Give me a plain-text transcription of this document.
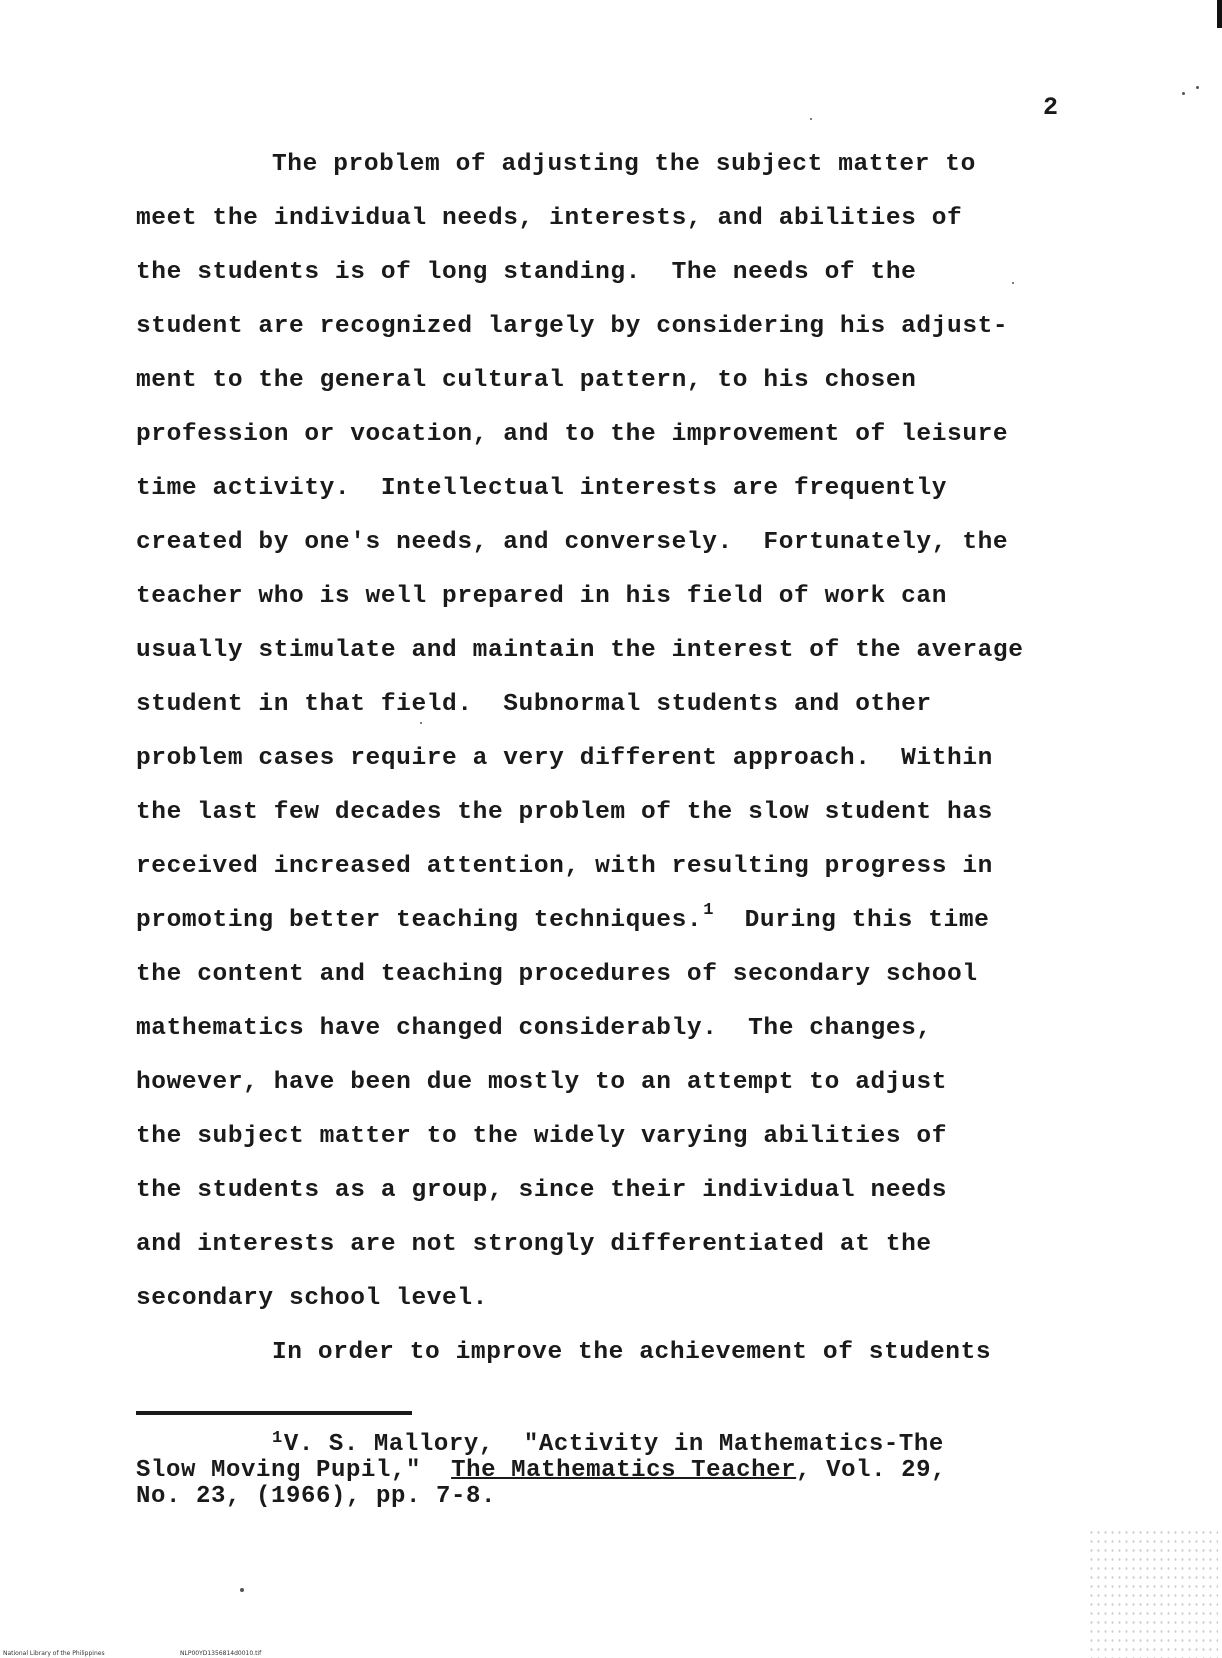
2
The problem of adjusting the subject matter to
meet the individual needs, interests, and abilities of
the students is of long standing.  The needs of the
student are recognized largely by considering his adjust-
ment to the general cultural pattern, to his chosen
profession or vocation, and to the improvement of leisure
time activity.  Intellectual interests are frequently
created by one's needs, and conversely.  Fortunately, the
teacher who is well prepared in his field of work can
usually stimulate and maintain the interest of the average
student in that field.  Subnormal students and other
problem cases require a very different approach.  Within
the last few decades the problem of the slow student has
received increased attention, with resulting progress in
promoting better teaching techniques.$^1$  During this time
the content and teaching procedures of secondary school
mathematics have changed considerably.  The changes,
however, have been due mostly to an attempt to adjust
the subject matter to the widely varying abilities of
the students as a group, since their individual needs
and interests are not strongly differentiated at the
secondary school level.
In order to improve the achievement of students
$^1$V. S. Mallory,  "Activity in Mathematics-The
Slow Moving Pupil,"  The Mathematics Teacher, Vol. 29,
No. 23, (1966), pp. 7-8.
National Library of the Philippines	NLP00YD1356814d0010.tif
